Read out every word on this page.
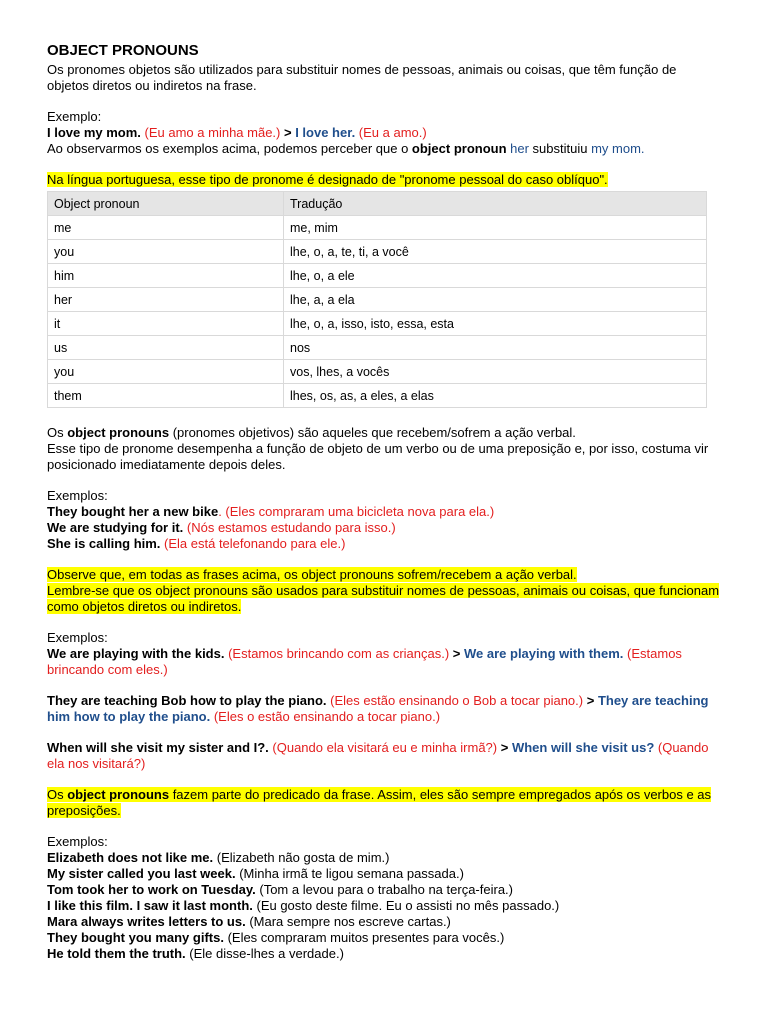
OBJECT PRONOUNS

Os pronomes objetos são utilizados para substituir nomes de pessoas, animais ou coisas, que têm função de objetos diretos ou indiretos na frase.

Exemplo:

I love my mom. (Eu amo a minha mãe.) > I love her. (Eu a amo.)

Ao observarmos os exemplos acima, podemos perceber que o object pronoun her substituiu my mom.

Na língua portuguesa, esse tipo de pronome é designado de "pronome pessoal do caso oblíquo".

Object pronoun	Tradução
me	me, mim
you	lhe, o, a, te, ti, a você
him	lhe, o, a ele
her	lhe, a, a ela
it	lhe, o, a, isso, isto, essa, esta
us	nos
you	vos, lhes, a vocês
them	lhes, os, as, a eles, a elas

Os object pronouns (pronomes objetivos) são aqueles que recebem/sofrem a ação verbal.

Esse tipo de pronome desempenha a função de objeto de um verbo ou de uma preposição e, por isso, costuma vir posicionado imediatamente depois deles.

Exemplos:

They bought her a new bike. (Eles compraram uma bicicleta nova para ela.)

We are studying for it. (Nós estamos estudando para isso.)

She is calling him. (Ela está telefonando para ele.)

Observe que, em todas as frases acima, os object pronouns sofrem/recebem a ação verbal.

Lembre-se que os object pronouns são usados para substituir nomes de pessoas, animais ou coisas, que funcionam como objetos diretos ou indiretos.

Exemplos:

We are playing with the kids. (Estamos brincando com as crianças.) > We are playing with them. (Estamos brincando com eles.)

They are teaching Bob how to play the piano. (Eles estão ensinando o Bob a tocar piano.) > They are teaching him how to play the piano. (Eles o estão ensinando a tocar piano.)

When will she visit my sister and I?. (Quando ela visitará eu e minha irmã?) > When will she visit us? (Quando ela nos visitará?)

Os object pronouns fazem parte do predicado da frase. Assim, eles são sempre empregados após os verbos e as preposições.

Exemplos:

Elizabeth does not like me. (Elizabeth não gosta de mim.)

My sister called you last week. (Minha irmã te ligou semana passada.)

Tom took her to work on Tuesday. (Tom a levou para o trabalho na terça-feira.)

I like this film. I saw it last month. (Eu gosto deste filme. Eu o assisti no mês passado.)

Mara always writes letters to us. (Mara sempre nos escreve cartas.)

They bought you many gifts. (Eles compraram muitos presentes para vocês.)

He told them the truth. (Ele disse-lhes a verdade.)
